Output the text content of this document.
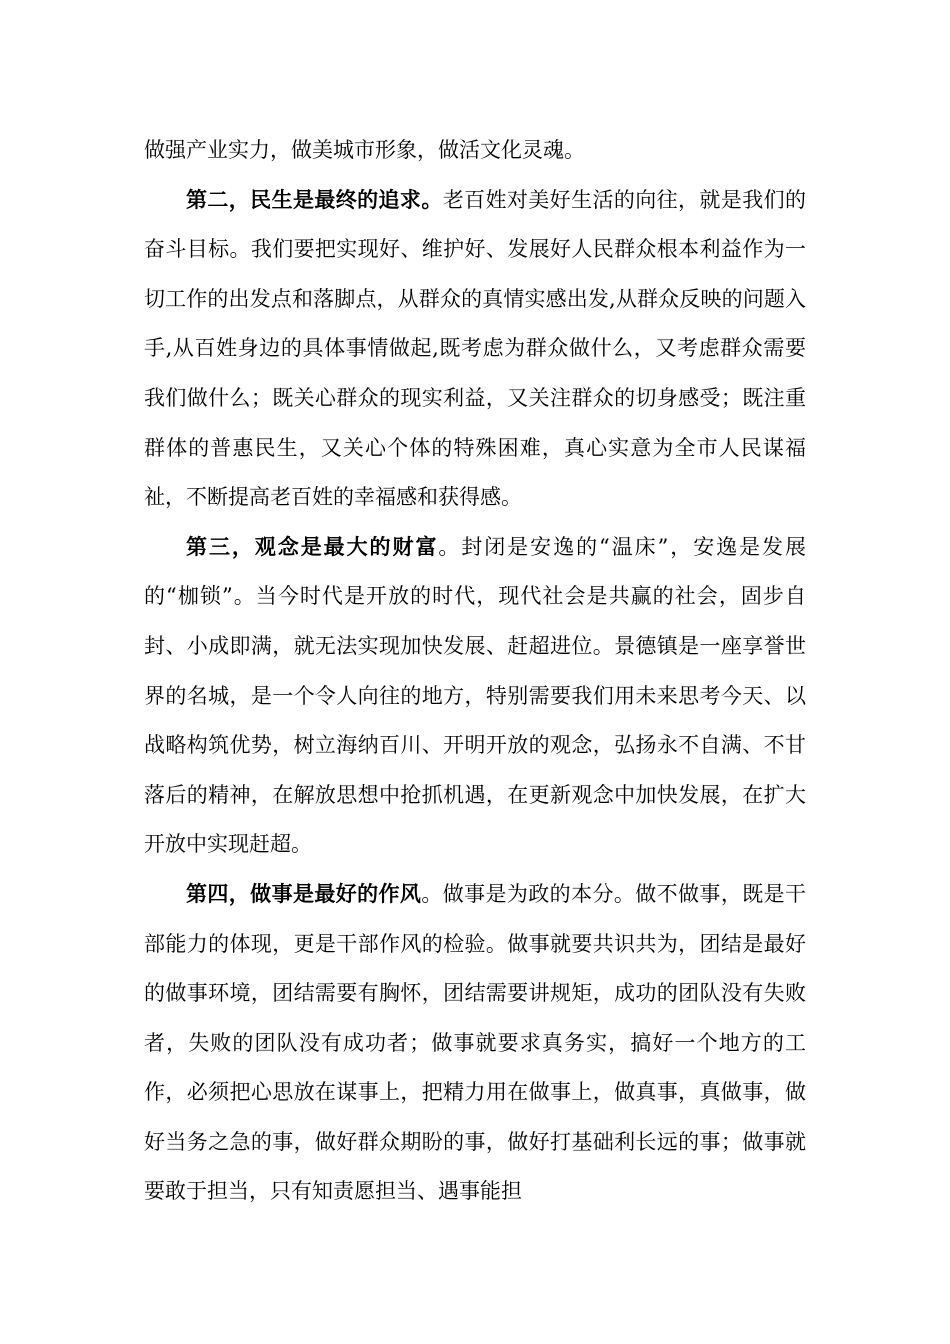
做强产业实力，做美城市形象，做活文化灵魂。

第二，民生是最终的追求。老百姓对美好生活的向往，就是我们的奋斗目标。我们要把实现好、维护好、发展好人民群众根本利益作为一切工作的出发点和落脚点，从群众的真情实感出发,从群众反映的问题入手,从百姓身边的具体事情做起,既考虑为群众做什么，又考虑群众需要我们做什么；既关心群众的现实利益，又关注群众的切身感受；既注重群体的普惠民生，又关心个体的特殊困难，真心实意为全市人民谋福祉，不断提高老百姓的幸福感和获得感。

第三，观念是最大的财富。封闭是安逸的“温床”，安逸是发展的“枷锁”。当今时代是开放的时代，现代社会是共赢的社会，固步自封、小成即满，就无法实现加快发展、赶超进位。景德镇是一座享誉世界的名城，是一个令人向往的地方，特别需要我们用未来思考今天、以战略构筑优势，树立海纳百川、开明开放的观念，弘扬永不自满、不甘落后的精神，在解放思想中抢抓机遇，在更新观念中加快发展，在扩大开放中实现赶超。

第四，做事是最好的作风。做事是为政的本分。做不做事，既是干部能力的体现，更是干部作风的检验。做事就要共识共为，团结是最好的做事环境，团结需要有胸怀，团结需要讲规矩，成功的团队没有失败者，失败的团队没有成功者；做事就要求真务实，搞好一个地方的工作，必须把心思放在谋事上，把精力用在做事上，做真事，真做事，做好当务之急的事，做好群众期盼的事，做好打基础利长远的事；做事就要敢于担当，只有知责愿担当、遇事能担
